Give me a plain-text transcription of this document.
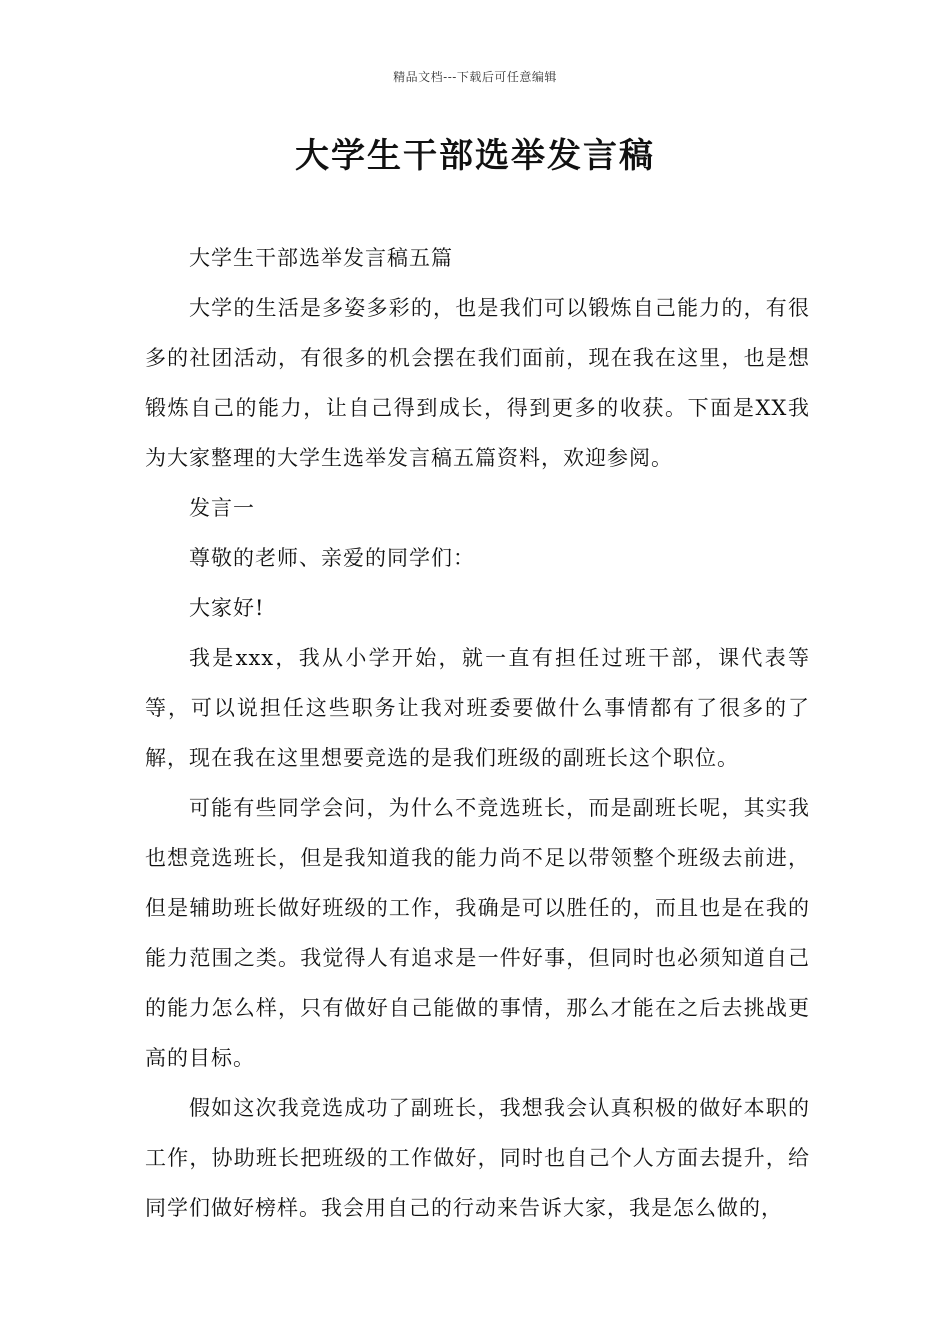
精品文档---下载后可任意编辑
大学生干部选举发言稿

大学生干部选举发言稿五篇

大学的生活是多姿多彩的，也是我们可以锻炼自己能力的，有很多的社团活动，有很多的机会摆在我们面前，现在我在这里，也是想锻炼自己的能力，让自己得到成长，得到更多的收获。下面是XX我为大家整理的大学生选举发言稿五篇资料，欢迎参阅。

发言一

尊敬的老师、亲爱的同学们：

大家好!

我是xxx，我从小学开始，就一直有担任过班干部，课代表等等，可以说担任这些职务让我对班委要做什么事情都有了很多的了解，现在我在这里想要竞选的是我们班级的副班长这个职位。

可能有些同学会问，为什么不竞选班长，而是副班长呢，其实我也想竞选班长，但是我知道我的能力尚不足以带领整个班级去前进，但是辅助班长做好班级的工作，我确是可以胜任的，而且也是在我的能力范围之类。我觉得人有追求是一件好事，但同时也必须知道自己的能力怎么样，只有做好自己能做的事情，那么才能在之后去挑战更高的目标。

假如这次我竞选成功了副班长，我想我会认真积极的做好本职的工作，协助班长把班级的工作做好，同时也自己个人方面去提升，给同学们做好榜样。我会用自己的行动来告诉大家，我是怎么做的，
